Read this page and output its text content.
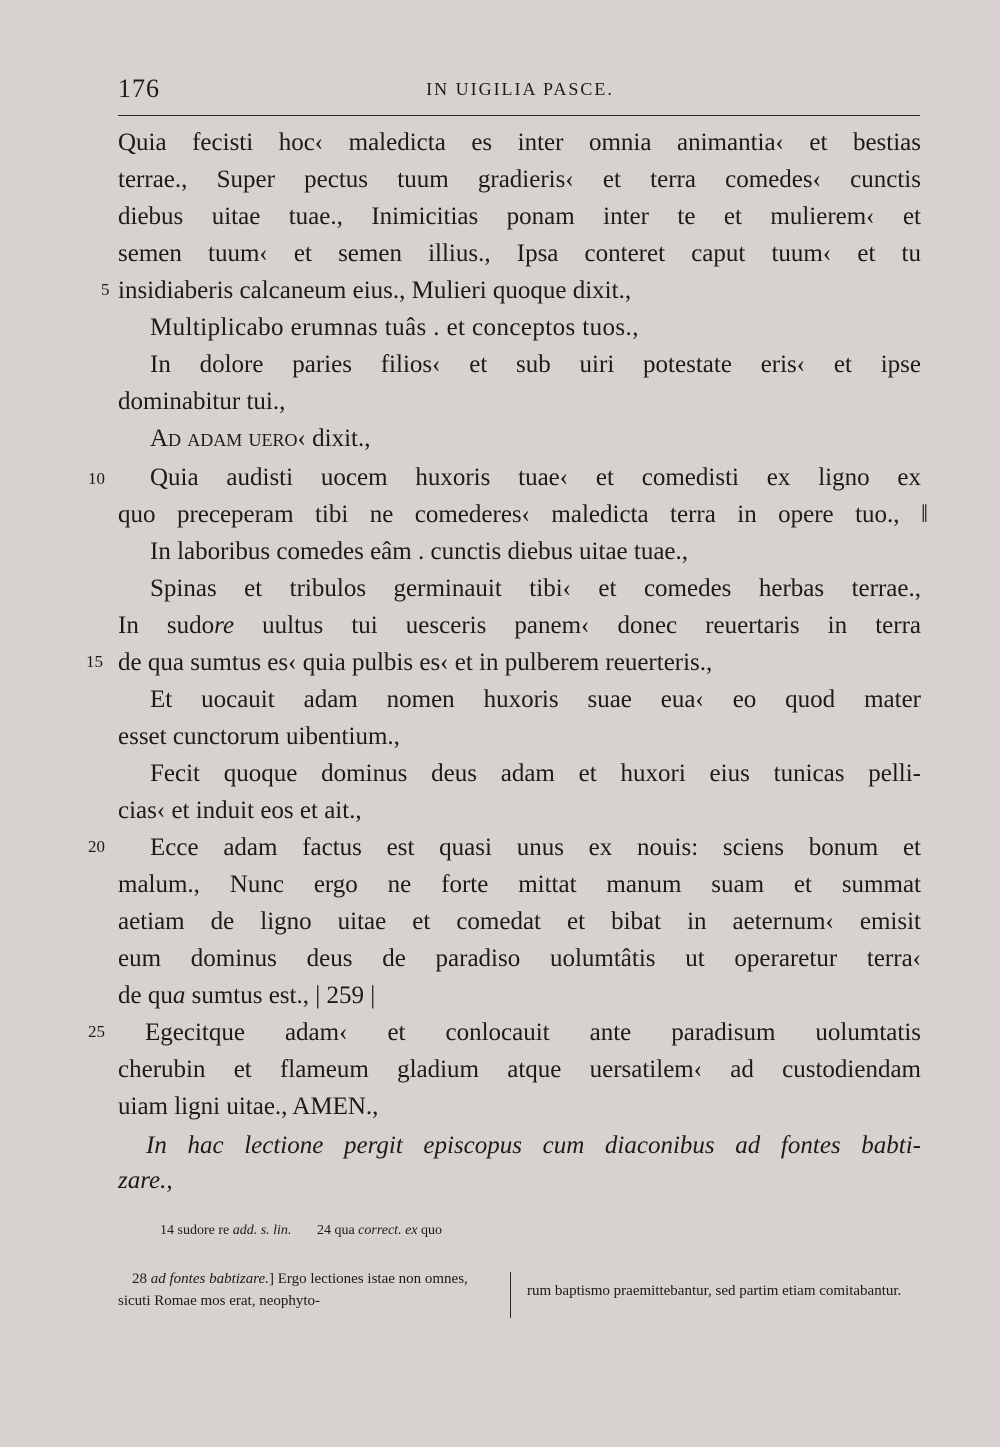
176	IN UIGILIA PASCE.
Quia fecisti hoc‹ maledicta es inter omnia animantia‹ et bestias
terrae., Super pectus tuum gradieris‹ et terra comedes‹ cunctis
diebus uitae tuae., Inimicitias ponam inter te et mulierem‹ et
semen tuum‹ et semen illius., Ipsa conteret caput tuum‹ et tu
5 insidiaberis calcaneum eius., Mulieri quoque dixit.,
Multiplicabo erumnas tuâs . et conceptos tuos.,
In dolore paries filios‹ et sub uiri potestate eris‹ et ipse
dominabitur tui.,
Ad adam uero‹ dixit.,
10 Quia audisti uocem huxoris tuae‹ et comedisti ex ligno ex
quo preceperam tibi ne comederes‹ maledicta terra in opere tuo., ‖
In laboribus comedes eâm . cunctis diebus uitae tuae.,
Spinas et tribulos germinauit tibi‹ et comedes herbas terrae.,
In sudore uultus tui uesceris panem‹ donec reuertaris in terra
15 de qua sumtus es‹ quia pulbis es‹ et in pulberem reuerteris.,
Et uocauit adam nomen huxoris suae eua‹ eo quod mater
esset cunctorum uibentium.,
Fecit quoque dominus deus adam et huxori eius tunicas pelli-
cias‹ et induit eos et ait.,
20 Ecce adam factus est quasi unus ex nouis: sciens bonum et
malum., Nunc ergo ne forte mittat manum suam et summat
aetiam de ligno uitae et comedat et bibat in aeternum‹ emisit
eum dominus deus de paradiso uolumtâtis ut operaretur terra‹
de qua sumtus est., | 259 |
25 Egecitque adam‹ et conlocauit ante paradisum uolumtatis
cherubin et flameum gladium atque uersatilem‹ ad custodiendam
uiam ligni uitae., AMEN.,
In hac lectione pergit episcopus cum diaconibus ad fontes babti-
zare.,
14 sudore re add. s. lin. 24 qua correct. ex quo
28 ad fontes babtizare.] Ergo lectiones istae non omnes, sicuti Romae mos erat, neophyto-
rum baptismo praemittebantur, sed partim etiam comitabantur.
